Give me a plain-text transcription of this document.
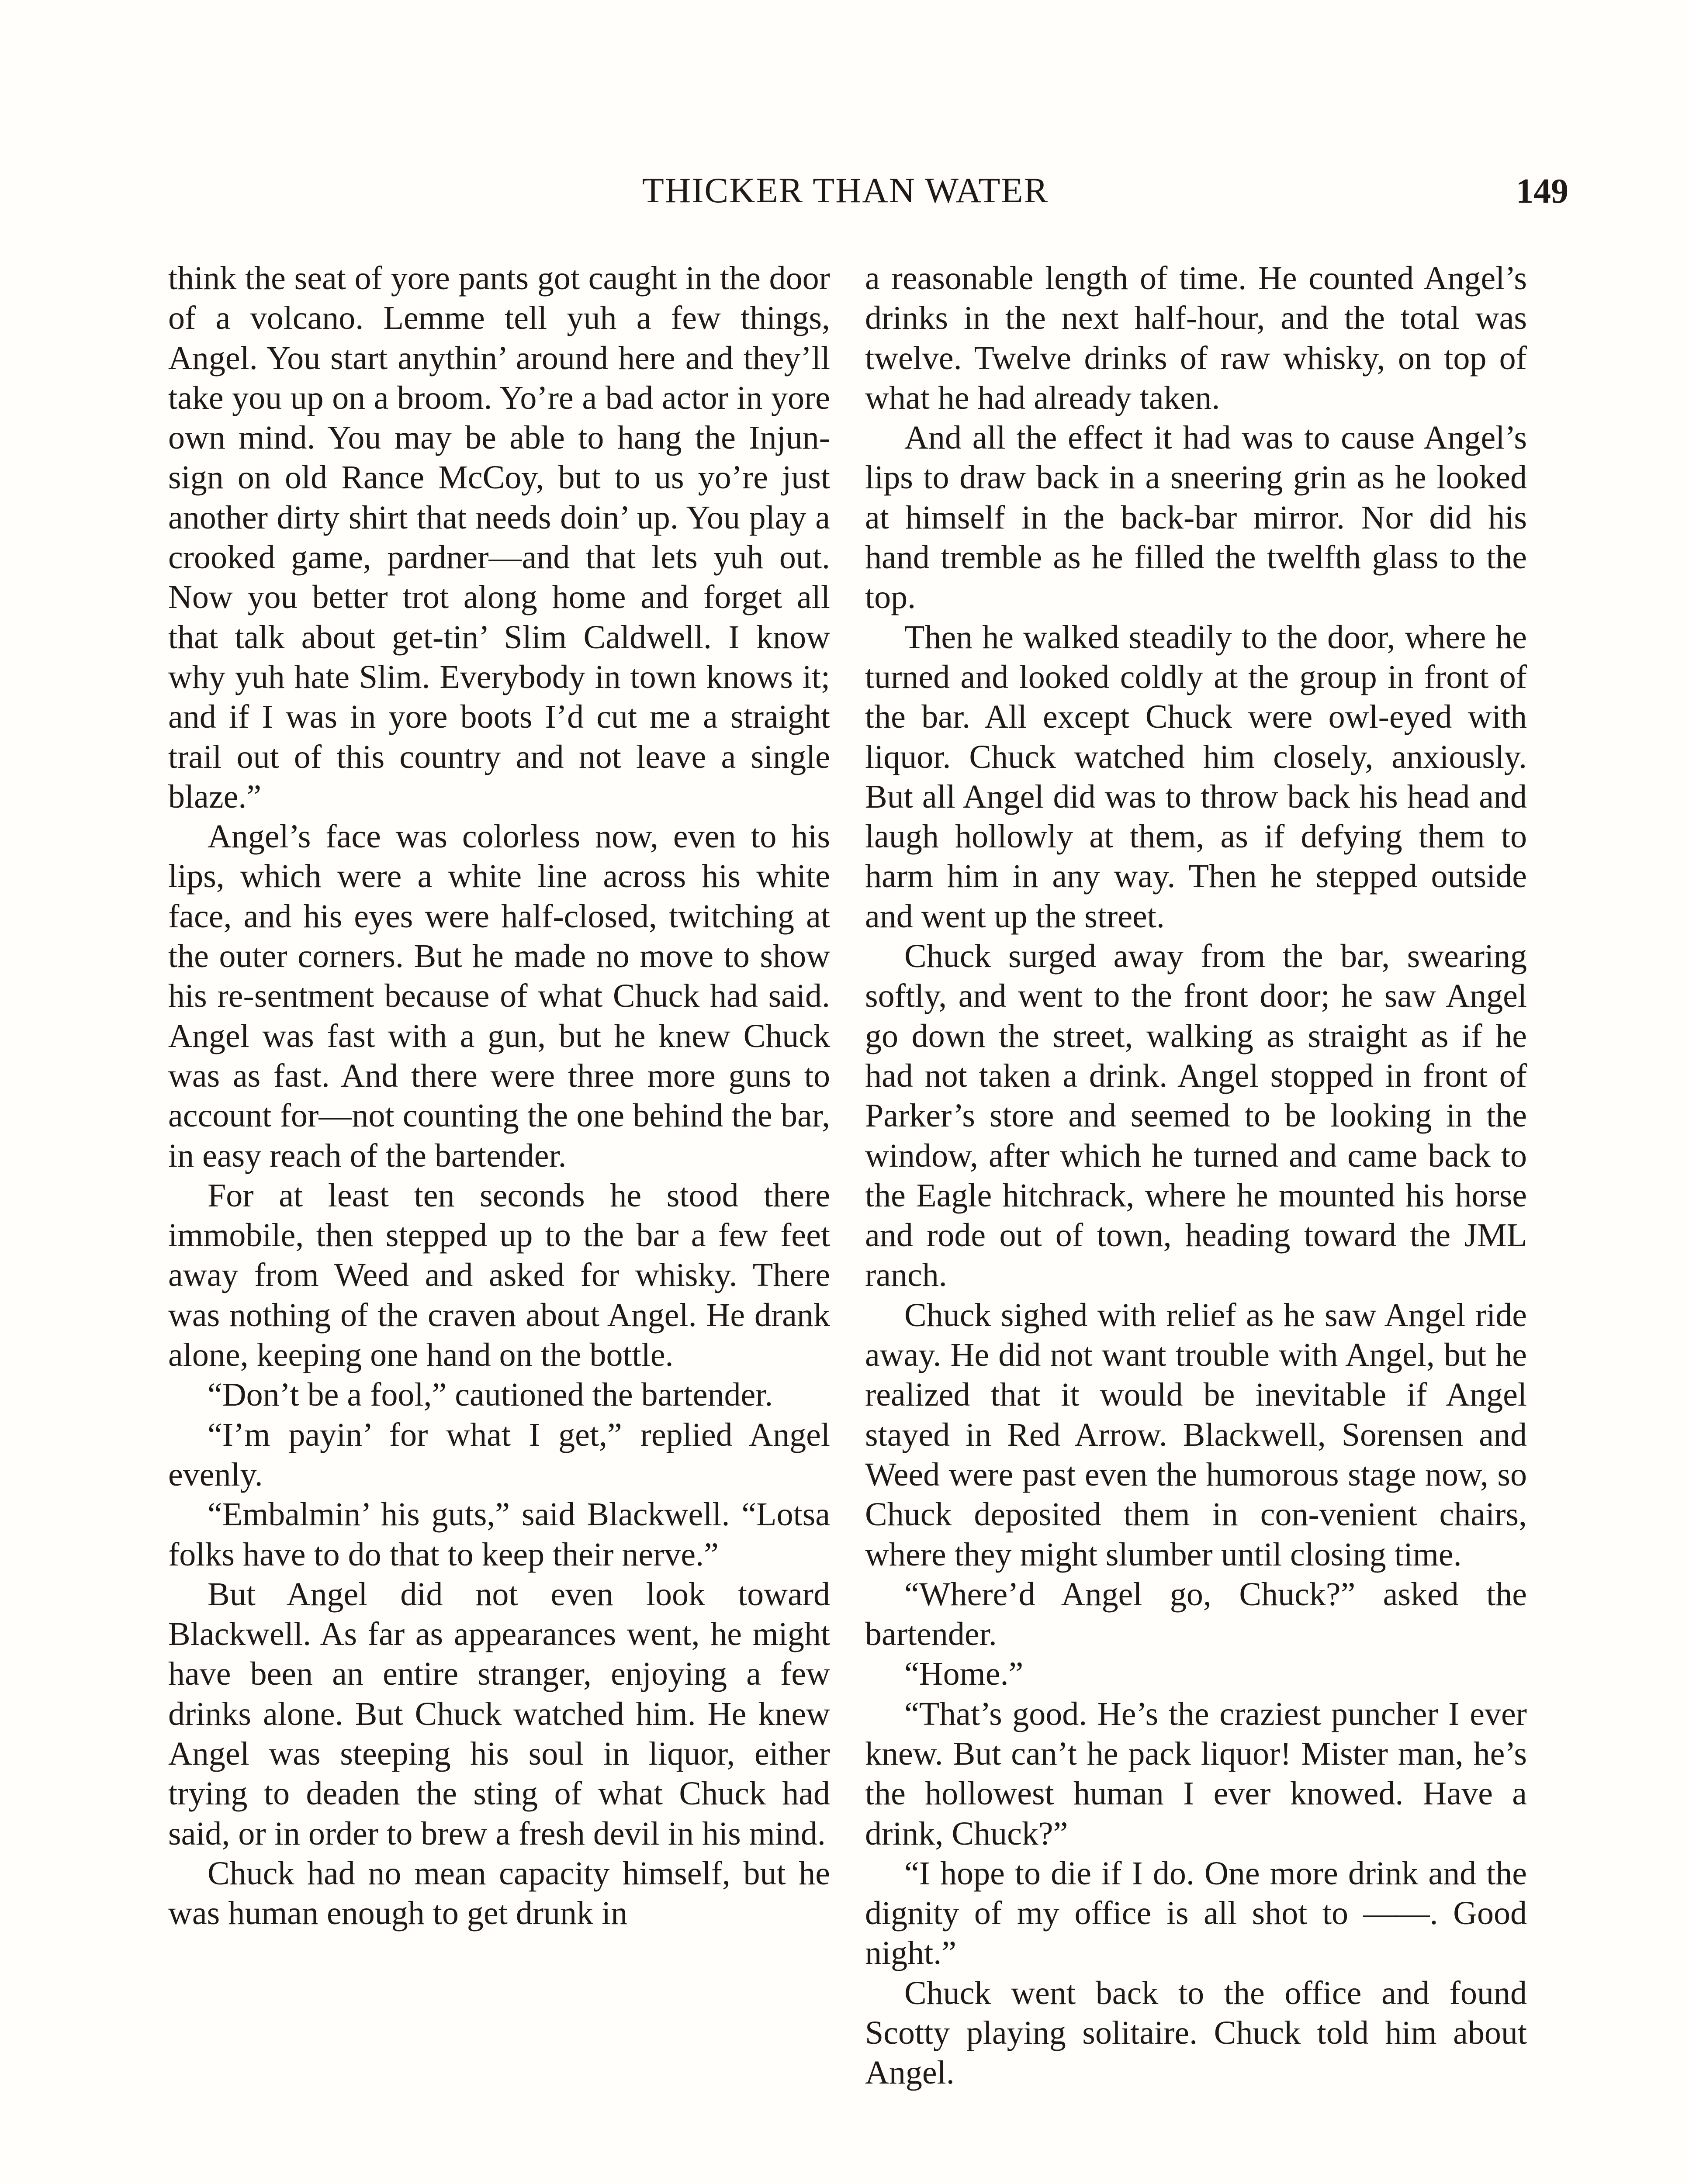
THICKER THAN WATER	149

think the seat of yore pants got caught in the door of a volcano. Lemme tell yuh a few things, Angel. You start anythin’ around here and they’ll take you up on a broom. Yo’re a bad actor in yore own mind. You may be able to hang the Injun-sign on old Rance McCoy, but to us yo’re just another dirty shirt that needs doin’ up. You play a crooked game, pardner—and that lets yuh out. Now you better trot along home and forget all that talk about get-tin’ Slim Caldwell. I know why yuh hate Slim. Everybody in town knows it; and if I was in yore boots I’d cut me a straight trail out of this country and not leave a single blaze.”

Angel’s face was colorless now, even to his lips, which were a white line across his white face, and his eyes were half-closed, twitching at the outer corners. But he made no move to show his re-sentment because of what Chuck had said. Angel was fast with a gun, but he knew Chuck was as fast. And there were three more guns to account for—not counting the one behind the bar, in easy reach of the bartender.

For at least ten seconds he stood there immobile, then stepped up to the bar a few feet away from Weed and asked for whisky. There was nothing of the craven about Angel. He drank alone, keeping one hand on the bottle.

“Don’t be a fool,” cautioned the bartender.

“I’m payin’ for what I get,” replied Angel evenly.

“Embalmin’ his guts,” said Blackwell. “Lotsa folks have to do that to keep their nerve.”

But Angel did not even look toward Blackwell. As far as appearances went, he might have been an entire stranger, enjoying a few drinks alone. But Chuck watched him. He knew Angel was steeping his soul in liquor, either trying to deaden the sting of what Chuck had said, or in order to brew a fresh devil in his mind.

Chuck had no mean capacity himself, but he was human enough to get drunk in

a reasonable length of time. He counted Angel’s drinks in the next half-hour, and the total was twelve. Twelve drinks of raw whisky, on top of what he had already taken.

And all the effect it had was to cause Angel’s lips to draw back in a sneering grin as he looked at himself in the back-bar mirror. Nor did his hand tremble as he filled the twelfth glass to the top.

Then he walked steadily to the door, where he turned and looked coldly at the group in front of the bar. All except Chuck were owl-eyed with liquor. Chuck watched him closely, anxiously. But all Angel did was to throw back his head and laugh hollowly at them, as if defying them to harm him in any way. Then he stepped outside and went up the street.

Chuck surged away from the bar, swearing softly, and went to the front door; he saw Angel go down the street, walking as straight as if he had not taken a drink. Angel stopped in front of Parker’s store and seemed to be looking in the window, after which he turned and came back to the Eagle hitchrack, where he mounted his horse and rode out of town, heading toward the JML ranch.

Chuck sighed with relief as he saw Angel ride away. He did not want trouble with Angel, but he realized that it would be inevitable if Angel stayed in Red Arrow. Blackwell, Sorensen and Weed were past even the humorous stage now, so Chuck deposited them in con-venient chairs, where they might slumber until closing time.

“Where’d Angel go, Chuck?” asked the bartender.

“Home.”

“That’s good. He’s the craziest puncher I ever knew. But can’t he pack liquor! Mister man, he’s the hollowest human I ever knowed. Have a drink, Chuck?”

“I hope to die if I do. One more drink and the dignity of my office is all shot to ——. Good night.”

Chuck went back to the office and found Scotty playing solitaire. Chuck told him about Angel.
